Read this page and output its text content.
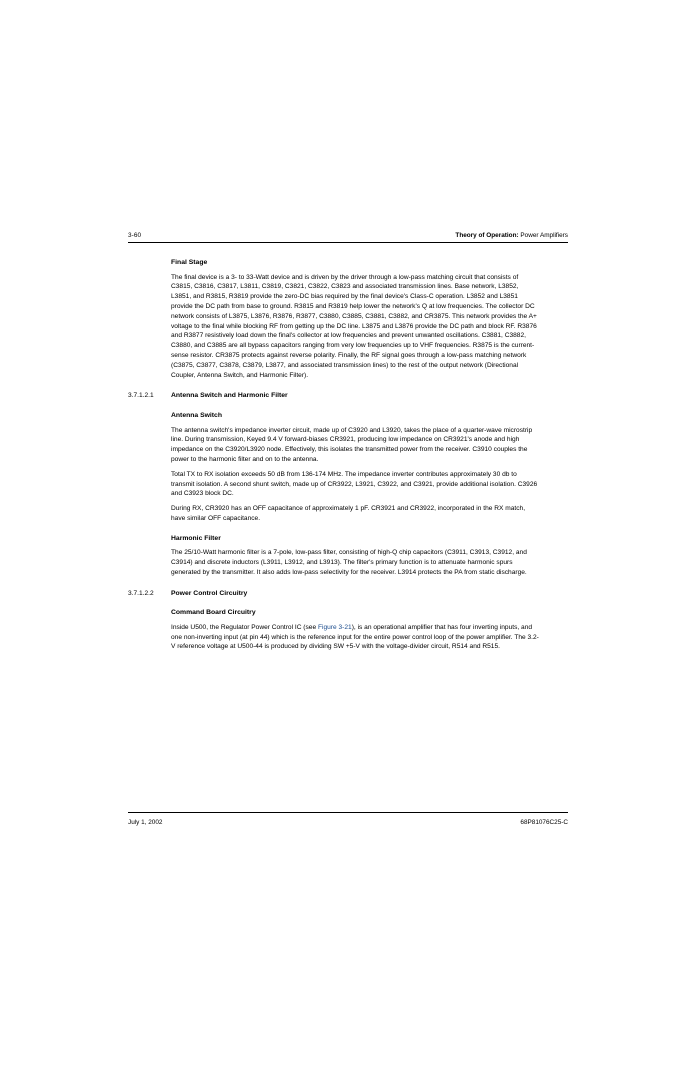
3-60	Theory of Operation: Power Amplifiers
Final Stage

The final device is a 3- to 33-Watt device and is driven by the driver through a low-pass matching circuit that consists of C3815, C3816, C3817, L3811, C3819, C3821, C3822, C3823 and associated transmission lines. Base network, L3852, L3851, and R3815, R3819 provide the zero-DC bias required by the final device's Class-C operation. L3852 and L3851 provide the DC path from base to ground. R3815 and R3819 help lower the network's Q at low frequencies. The collector DC network consists of L3875, L3876, R3876, R3877, C3880, C3885, C3881, C3882, and CR3875. This network provides the A+ voltage to the final while blocking RF from getting up the DC line. L3875 and L3876 provide the DC path and block RF. R3876 and R3877 resistively load down the final's collector at low frequencies and prevent unwanted oscillations. C3881, C3882, C3880, and C3885 are all bypass capacitors ranging from very low frequencies up to VHF frequencies. R3875 is the current-sense resistor. CR3875 protects against reverse polarity. Finally, the RF signal goes through a low-pass matching network (C3875, C3877, C3878, C3879, L3877, and associated transmission lines) to the rest of the output network (Directional Coupler, Antenna Switch, and Harmonic Filter).

3.7.1.2.1	Antenna Switch and Harmonic Filter
Antenna Switch

The antenna switch's impedance inverter circuit, made up of C3920 and L3920, takes the place of a quarter-wave microstrip line. During transmission, Keyed 9.4 V forward-biases CR3921, producing low impedance on CR3921's anode and high impedance on the C3920/L3920 node. Effectively, this isolates the transmitted power from the receiver. C3910 couples the power to the harmonic filter and on to the antenna.

Total TX to RX isolation exceeds 50 dB from 136-174 MHz. The impedance inverter contributes approximately 30 db to transmit isolation. A second shunt switch, made up of CR3922, L3921, C3922, and C3921, provide additional isolation. C3926 and C3923 block DC.

During RX, CR3920 has an OFF capacitance of approximately 1 pF. CR3921 and CR3922, incorporated in the RX match, have similar OFF capacitance.

Harmonic Filter

The 25/10-Watt harmonic filter is a 7-pole, low-pass filter, consisting of high-Q chip capacitors (C3911, C3913, C3912, and C3914) and discrete inductors (L3911, L3912, and L3913). The filter's primary function is to attenuate harmonic spurs generated by the transmitter. It also adds low-pass selectivity for the receiver. L3914 protects the PA from static discharge.

3.7.1.2.2	Power Control Circuitry
Command Board Circuitry

Inside U500, the Regulator Power Control IC (see Figure 3-21), is an operational amplifier that has four inverting inputs, and one non-inverting input (at pin 44) which is the reference input for the entire power control loop of the power amplifier. The 3.2-V reference voltage at U500-44 is produced by dividing SW +5-V with the voltage-divider circuit, R514 and R515.

July 1, 2002	68P81076C25-C
